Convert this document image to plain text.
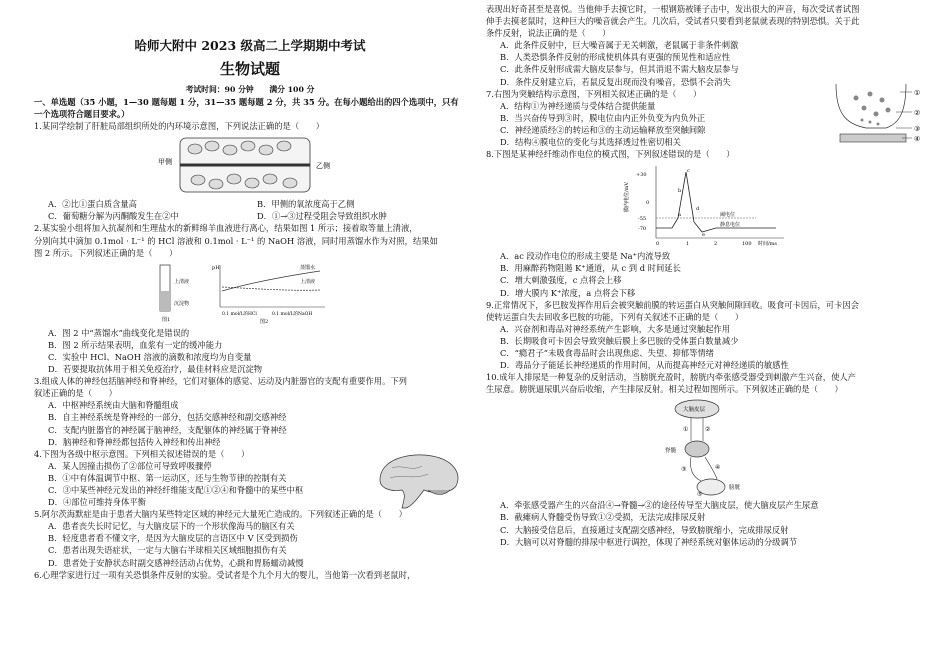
哈师大附中 2023 级高二上学期期中考试

生物试题

考试时间：90 分钟　　满分 100 分

一、单选题（35 小题，1—30 题每题 1 分，31—35 题每题 2 分，共 35 分。在每小题给出的四个选项中，只有一个选项符合题目要求。）

1.某同学绘制了肝脏局部组织所处的内环境示意图，下列说法正确的是（　　）

甲侧	乙侧
A．②比①蛋白质含量高	B．甲侧的氧浓度高于乙侧
C．葡萄糖分解为丙酮酸发生在②中	D．①→③过程受阻会导致组织水肿

2.某实验小组将加入抗凝剂和生理盐水的新鲜绵羊血液进行离心，结果如图 1 所示；接着取等量上清液，

分别向其中滴加 0.1mol · L⁻¹ 的 HCl 溶液和 0.1mol · L⁻¹ 的 NaOH 溶液，同时用蒸馏水作为对照，结果如

图 2 所示。下列叙述正确的是（　　）

上清液
沉淀物
图1
pH	蒸馏水
上清液
0.1 mol/L的HCl	0.1 mol/L的NaOH
图2

A．图 2 中“蒸馏水”曲线变化是错误的

B．图 2 所示结果表明，血浆有一定的缓冲能力

C．实验中 HCl、NaOH 溶液的滴数和浓度均为自变量

D．若要提取抗体用于相关免疫治疗，最佳材料应是沉淀物

3.组成人体的神经包括脑神经和脊神经，它们对躯体的感觉、运动及内脏器官的支配有重要作用。下列

叙述正确的是（　　）

A．中枢神经系统由大脑和脊髓组成

B．自主神经系统是脊神经的一部分，包括交感神经和副交感神经

C．支配内脏器官的神经属于脑神经，支配躯体的神经属于脊神经

D．脑神经和脊神经都包括传入神经和传出神经

4.下图为各级中枢示意图。下列相关叙述错误的是（　　）

A．某人因撞击损伤了②部位可导致呼吸骤停

B．①中有体温调节中枢、第一运动区，还与生物节律的控制有关

C．③中某些神经元发出的神经纤维能支配①②④和脊髓中的某些中枢

D．④部位可维持身体平衡

5.阿尔茨海默症是由于患者大脑内某些特定区域的神经元大量死亡造成的。下列叙述正确的是（　　）

A．患者丧失长时记忆，与大脑皮层下的一个形状像海马的脑区有关

B．轻度患者看不懂文字，是因为大脑皮层的言语区中 V 区受到损伤

C．患者出现失语症状，一定与大脑右半球相关区域细胞损伤有关

D．患者处于安静状态时副交感神经活动占优势，心跳和胃肠蠕动减慢

6.心理学家进行过一项有关恐惧条件反射的实验。受试者是个九个月大的婴儿，当他第一次看到老鼠时，

表现出好奇甚至是喜悦。当他伸手去摸它时，一根钢筋被锤子击中，发出很大的声音，每次受试者试图

伸手去摸老鼠时，这种巨大的噪音就会产生。几次后，受试者只要看到老鼠就表现的特别恐惧。关于此

条件反射，说法正确的是（　　）

A．此条件反射中，巨大噪音属于无关刺激，老鼠属于非条件刺激

B．人类恐惧条件反射的形成使机体具有更强的预见性和适应性

C．此条件反射形成需大脑皮层参与，但其消退不需大脑皮层参与

D．条件反射建立后，若鼠反复出现而没有噪音，恐惧不会消失

7.右图为突触结构示意图，下列相关叙述正确的是（　　）

A．结构①为神经递质与受体结合提供能量

B．当兴奋传导到③时，膜电位由内正外负变为内负外正

C．神经递质经②的转运和③的主动运输释放至突触间隙

D．结构④膜电位的变化与其选择透过性密切相关

①
②
③
④

8.下图是某神经纤维动作电位的模式图，下列叙述错误的是（　　）

+30
0
-55
-70
膜内电位/mV
a
b
c
d
e
阈电位
静息电位
0	1	2	100 时间/ms

A．ac 段动作电位的形成主要是 Na⁺内流导致

B．用麻醉药物阻遏 K⁺通道，从 c 到 d 时间延长

C．增大刺激强度，c 点将会上移

D．增大膜内 K⁺浓度，a 点将会下移

9.正常情况下，多巴胺发挥作用后会被突触前膜的转运蛋白从突触间隙回收。吸食可卡因后，可卡因会

使转运蛋白失去回收多巴胺的功能，下列有关叙述不正确的是（　　）

A．兴奋剂和毒品对神经系统产生影响，大多是通过突触起作用

B．长期吸食可卡因会导致突触后膜上多巴胺的受体蛋白数量减少

C．“瘾君子”未吸食毒品时会出现焦虑、失望、抑郁等情绪

D．毒品分子能延长神经递质的作用时间，从而提高神经元对神经递质的敏感性

10.成年人排尿是一种复杂的反射活动，当膀胱充盈时，膀胱内牵张感受器受到刺激产生兴奋，使人产

生尿意。膀胱逼尿肌兴奋后收缩，产生排尿反射。相关过程如图所示。下列叙述正确的是（　　）

大脑皮层
①	②
脊髓
③	④
膀胱
⑤

A．牵张感受器产生的兴奋沿④→脊髓→②的途径传导至大脑皮层，使大脑皮层产生尿意

B．截瘫病人脊髓受伤导致①②受损，无法完成排尿反射

C．大脑接受信息后，直接通过支配副交感神经，导致膀胱缩小，完成排尿反射

D．大脑可以对脊髓的排尿中枢进行调控，体现了神经系统对躯体运动的分级调节
